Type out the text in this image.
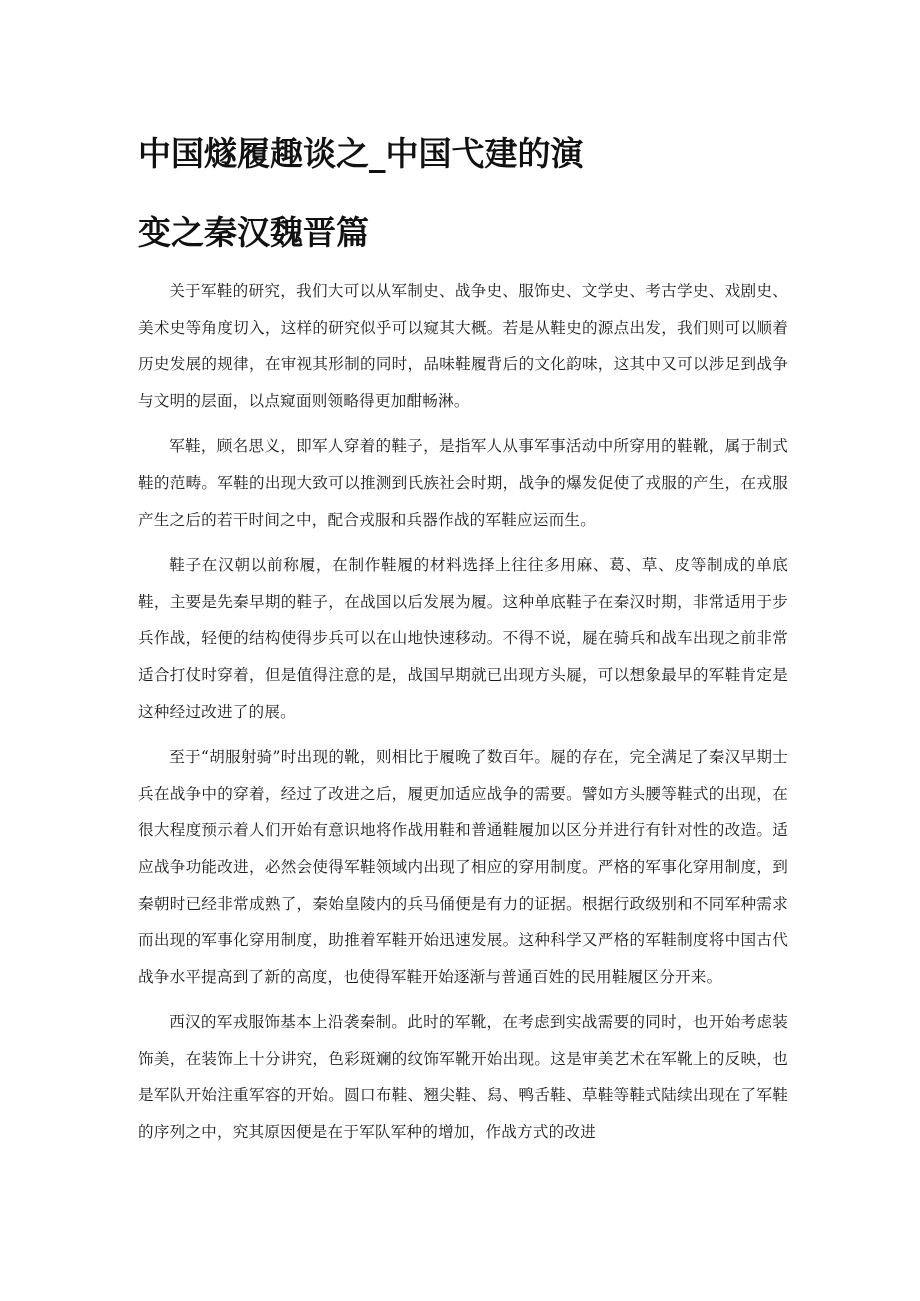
中国燧履趣谈之_中国弋建的演
变之秦汉魏晋篇

关于军鞋的研究，我们大可以从军制史、战争史、服饰史、文学史、考古学史、戏剧史、美术史等角度切入，这样的研究似乎可以窥其大概。若是从鞋史的源点出发，我们则可以顺着历史发展的规律，在审视其形制的同时，品味鞋履背后的文化韵味，这其中又可以涉足到战争与文明的层面，以点窥面则领略得更加酣畅淋。

军鞋，顾名思义，即军人穿着的鞋子，是指军人从事军事活动中所穿用的鞋靴，属于制式鞋的范畴。军鞋的出现大致可以推测到氏族社会时期，战争的爆发促使了戎服的产生，在戎服产生之后的若干时间之中，配合戎服和兵器作战的军鞋应运而生。

鞋子在汉朝以前称履，在制作鞋履的材料选择上往往多用麻、葛、草、皮等制成的单底鞋，主要是先秦早期的鞋子，在战国以后发展为履。这种单底鞋子在秦汉时期，非常适用于步兵作战，轻便的结构使得步兵可以在山地快速移动。不得不说，屣在骑兵和战车出现之前非常适合打仗时穿着，但是值得注意的是，战国早期就已出现方头屣，可以想象最早的军鞋肯定是这种经过改进了的展。

至于“胡服射骑”时出现的靴，则相比于履晚了数百年。屣的存在，完全满足了秦汉早期士兵在战争中的穿着，经过了改进之后，履更加适应战争的需要。譬如方头腰等鞋式的出现，在很大程度预示着人们开始有意识地将作战用鞋和普通鞋履加以区分并进行有针对性的改造。适应战争功能改进，必然会使得军鞋领域内出现了相应的穿用制度。严格的军事化穿用制度，到秦朝时已经非常成熟了，秦始皇陵内的兵马俑便是有力的证据。根据行政级别和不同军种需求而出现的军事化穿用制度，助推着军鞋开始迅速发展。这种科学又严格的军鞋制度将中国古代战争水平提高到了新的高度，也使得军鞋开始逐渐与普通百姓的民用鞋履区分开来。

西汉的军戎服饰基本上沿袭秦制。此时的军靴，在考虑到实战需要的同时，也开始考虑装饰美，在装饰上十分讲究，色彩斑斓的纹饰军靴开始出现。这是审美艺术在军靴上的反映，也是军队开始注重军容的开始。圆口布鞋、翘尖鞋、舄、鸭舌鞋、草鞋等鞋式陆续出现在了军鞋的序列之中，究其原因便是在于军队军种的增加，作战方式的改进
